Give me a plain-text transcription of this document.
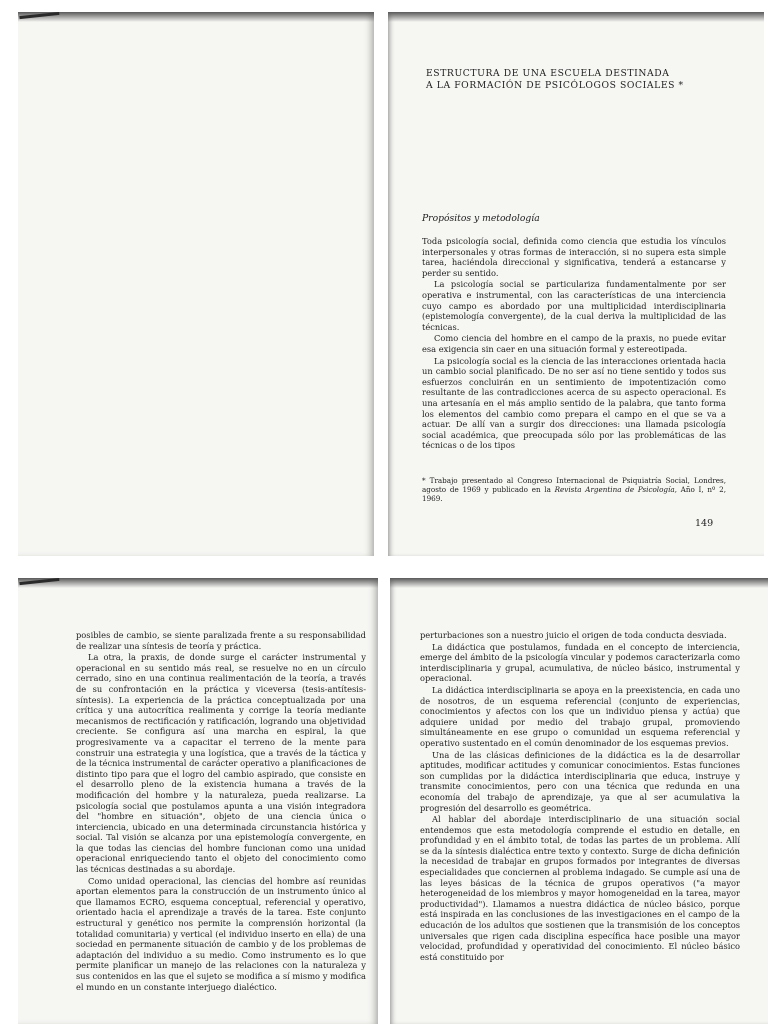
ESTRUCTURA DE UNA ESCUELA DESTINADA
A LA FORMACIÓN DE PSICÓLOGOS SOCIALES *
Propósitos y metodología

Toda psicología social, definida como ciencia que estudia los vínculos interpersonales y otras formas de interacción, si no supera esta simple tarea, haciéndola direccional y significativa, tenderá a estancarse y perder su sentido.

La psicología social se particulariza fundamentalmente por ser operativa e instrumental, con las características de una interciencia cuyo campo es abordado por una multiplicidad interdisciplinaria (epistemología convergente), de la cual deriva la multiplicidad de las técnicas.

Como ciencia del hombre en el campo de la praxis, no puede evitar esa exigencia sin caer en una situación formal y estereotipada.

La psicología social es la ciencia de las interacciones orientada hacia un cambio social planificado. De no ser así no tiene sentido y todos sus esfuerzos concluirán en un sentimiento de impotentización como resultante de las contradicciones acerca de su aspecto operacional. Es una artesanía en el más amplio sentido de la palabra, que tanto forma los elementos del cambio como prepara el campo en el que se va a actuar. De allí van a surgir dos direcciones: una llamada psicología social académica, que preocupada sólo por las problemáticas de las técnicas o de los tipos

* Trabajo presentado al Congreso Internacional de Psiquiatría Social, Londres, agosto de 1969 y publicado en la Revista Argentina de Psicología, Año I, nº 2, 1969.
149

posibles de cambio, se siente paralizada frente a su responsabilidad de realizar una síntesis de teoría y práctica.

La otra, la praxis, de donde surge el carácter instrumental y operacional en su sentido más real, se resuelve no en un círculo cerrado, sino en una continua realimentación de la teoría, a través de su confrontación en la práctica y viceversa (tesis-antítesis-síntesis). La experiencia de la práctica conceptualizada por una crítica y una autocrítica realimenta y corrige la teoría mediante mecanismos de rectificación y ratificación, logrando una objetividad creciente. Se configura así una marcha en espiral, la que progresivamente va a capacitar el terreno de la mente para construir una estrategia y una logística, que a través de la táctica y de la técnica instrumental de carácter operativo a planificaciones de distinto tipo para que el logro del cambio aspirado, que consiste en el desarrollo pleno de la existencia humana a través de la modificación del hombre y la naturaleza, pueda realizarse. La psicología social que postulamos apunta a una visión integradora del "hombre en situación", objeto de una ciencia única o interciencia, ubicado en una determinada circunstancia histórica y social. Tal visión se alcanza por una epistemología convergente, en la que todas las ciencias del hombre funcionan como una unidad operacional enriqueciendo tanto el objeto del conocimiento como las técnicas destinadas a su abordaje.

Como unidad operacional, las ciencias del hombre así reunidas aportan elementos para la construcción de un instrumento único al que llamamos ECRO, esquema conceptual, referencial y operativo, orientado hacia el aprendizaje a través de la tarea. Este conjunto estructural y genético nos permite la comprensión horizontal (la totalidad comunitaria) y vertical (el individuo inserto en ella) de una sociedad en permanente situación de cambio y de los problemas de adaptación del individuo a su medio. Como instrumento es lo que permite planificar un manejo de las relaciones con la naturaleza y sus contenidos en las que el sujeto se modifica a sí mismo y modifica el mundo en un constante interjuego dialéctico.

perturbaciones son a nuestro juicio el origen de toda conducta desviada.

La didáctica que postulamos, fundada en el concepto de interciencia, emerge del ámbito de la psicología vincular y podemos caracterizarla como interdisciplinaria y grupal, acumulativa, de núcleo básico, instrumental y operacional.

La didáctica interdisciplinaria se apoya en la preexistencia, en cada uno de nosotros, de un esquema referencial (conjunto de experiencias, conocimientos y afectos con los que un individuo piensa y actúa) que adquiere unidad por medio del trabajo grupal, promoviendo simultáneamente en ese grupo o comunidad un esquema referencial y operativo sustentado en el común denominador de los esquemas previos.

Una de las clásicas definiciones de la didáctica es la de desarrollar aptitudes, modificar actitudes y comunicar conocimientos. Estas funciones son cumplidas por la didáctica interdisciplinaria que educa, instruye y transmite conocimientos, pero con una técnica que redunda en una economía del trabajo de aprendizaje, ya que al ser acumulativa la progresión del desarrollo es geométrica.

Al hablar del abordaje interdisciplinario de una situación social entendemos que esta metodología comprende el estudio en detalle, en profundidad y en el ámbito total, de todas las partes de un problema. Allí se da la síntesis dialéctica entre texto y contexto. Surge de dicha definición la necesidad de trabajar en grupos formados por integrantes de diversas especialidades que conciernen al problema indagado. Se cumple así una de las leyes básicas de la técnica de grupos operativos ("a mayor heterogeneidad de los miembros y mayor homogeneidad en la tarea, mayor productividad"). Llamamos a nuestra didáctica de núcleo básico, porque está inspirada en las conclusiones de las investigaciones en el campo de la educación de los adultos que sostienen que la transmisión de los conceptos universales que rigen cada disciplina específica hace posible una mayor velocidad, profundidad y operatividad del conocimiento. El núcleo básico está constituido por
